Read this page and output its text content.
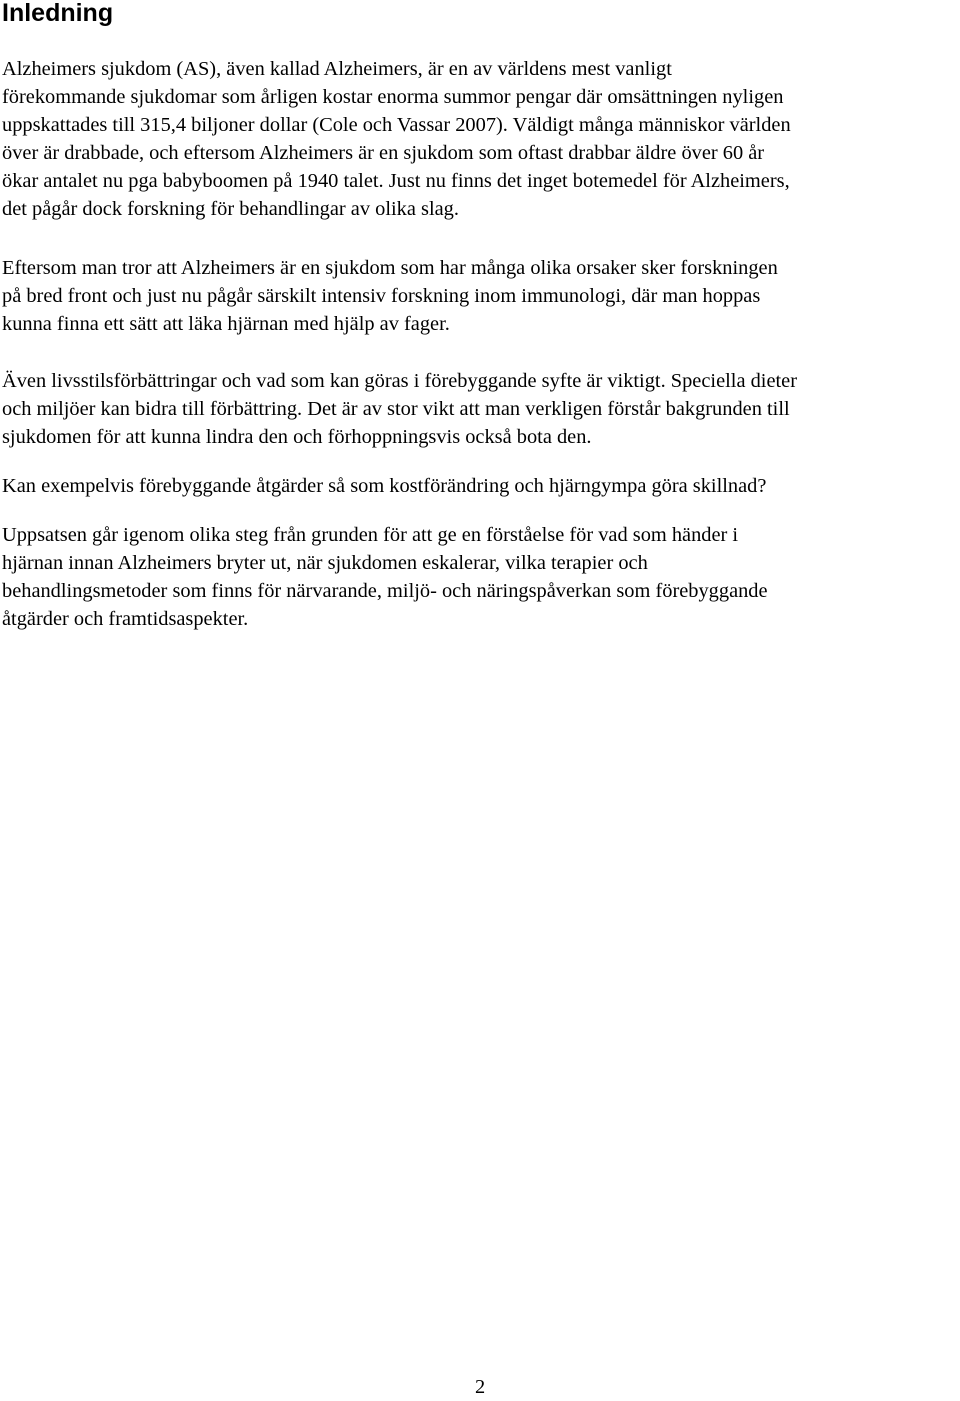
Inledning

Alzheimers sjukdom (AS), även kallad Alzheimers, är en av världens mest vanligt
förekommande sjukdomar som årligen kostar enorma summor pengar där omsättningen nyligen
uppskattades till 315,4 biljoner dollar (Cole och Vassar 2007). Väldigt många människor världen
över är drabbade, och eftersom Alzheimers är en sjukdom som oftast drabbar äldre över 60 år
ökar antalet nu pga babyboomen på 1940 talet. Just nu finns det inget botemedel för Alzheimers,
det pågår dock forskning för behandlingar av olika slag.

Eftersom man tror att Alzheimers är en sjukdom som har många olika orsaker sker forskningen
på bred front och just nu pågår särskilt intensiv forskning inom immunologi, där man hoppas
kunna finna ett sätt att läka hjärnan med hjälp av fager.

Även livsstilsförbättringar och vad som kan göras i förebyggande syfte är viktigt. Speciella dieter
och miljöer kan bidra till förbättring. Det är av stor vikt att man verkligen förstår bakgrunden till
sjukdomen för att kunna lindra den och förhoppningsvis också bota den.

Kan exempelvis förebyggande åtgärder så som kostförändring och hjärngympa göra skillnad?

Uppsatsen går igenom olika steg från grunden för att ge en förståelse för vad som händer i
hjärnan innan Alzheimers bryter ut, när sjukdomen eskalerar, vilka terapier och
behandlingsmetoder som finns för närvarande, miljö- och näringspåverkan som förebyggande
åtgärder och framtidsaspekter.

2
